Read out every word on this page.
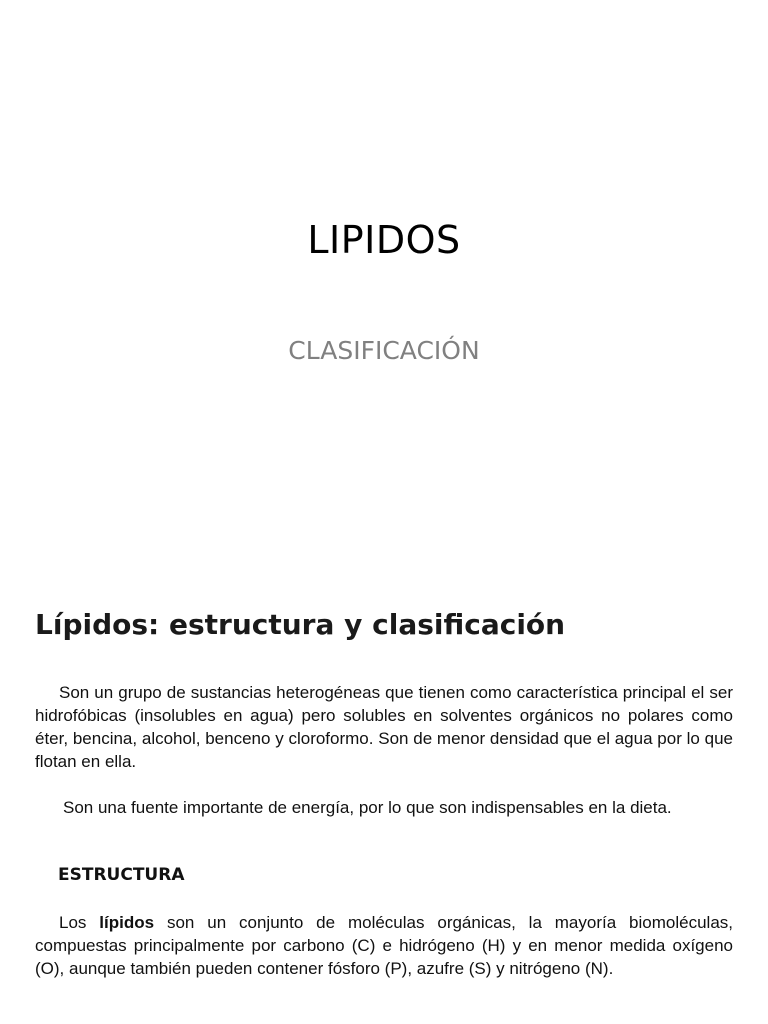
LIPIDOS
CLASIFICACIÓN
Lípidos: estructura y clasificación
Son un grupo de sustancias heterogéneas que tienen como característica principal el ser hidrofóbicas (insolubles en agua) pero solubles en solventes orgánicos no polares como éter, bencina, alcohol, benceno y cloroformo. Son de menor densidad que el agua por lo que flotan en ella.
Son una fuente importante de energía, por lo que son indispensables en la dieta.
ESTRUCTURA
Los lípidos son un conjunto de moléculas orgánicas, la mayoría biomoléculas, compuestas principalmente por carbono (C) e hidrógeno (H) y en menor medida oxígeno (O), aunque también pueden contener fósforo (P), azufre (S) y nitrógeno (N).
